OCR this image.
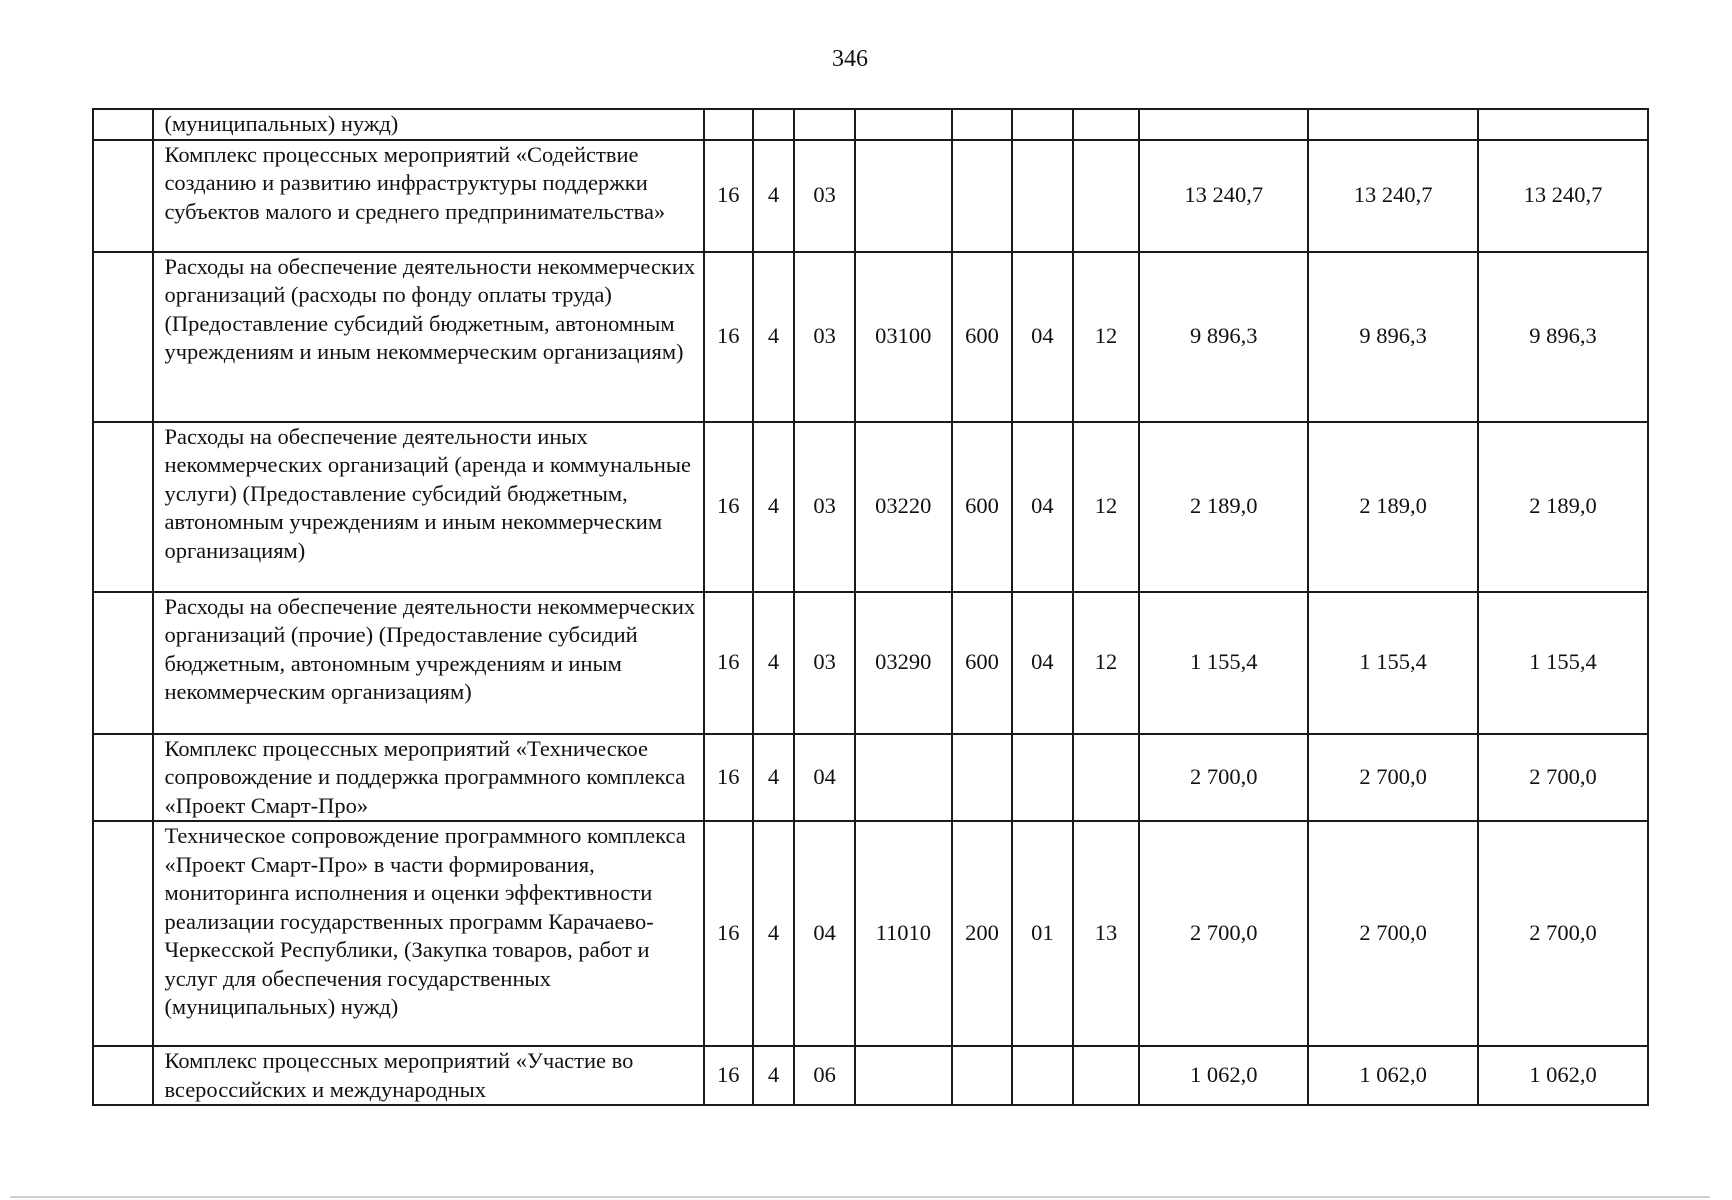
346
	(муниципальных) нужд)										
	Комплекс процессных мероприятий «Содействие созданию и развитию инфраструктуры поддержки субъектов малого и среднего предпринимательства»	16	4	03					13 240,7	13 240,7	13 240,7
	Расходы на обеспечение деятельности некоммерческих организаций (расходы по фонду оплаты труда) (Предоставление субсидий бюджетным, автономным учреждениям и иным некоммерческим организациям)	16	4	03	03100	600	04	12	9 896,3	9 896,3	9 896,3
	Расходы на обеспечение деятельности иных некоммерческих организаций (аренда и коммунальные услуги) (Предоставление субсидий бюджетным, автономным учреждениям и иным некоммерческим организациям)	16	4	03	03220	600	04	12	2 189,0	2 189,0	2 189,0
	Расходы на обеспечение деятельности некоммерческих организаций (прочие) (Предоставление субсидий бюджетным, автономным учреждениям и иным некоммерческим организациям)	16	4	03	03290	600	04	12	1 155,4	1 155,4	1 155,4
	Комплекс процессных мероприятий «Техническое сопровождение и поддержка программного комплекса «Проект Смарт-Про»	16	4	04					2 700,0	2 700,0	2 700,0
	Техническое сопровождение программного комплекса «Проект Смарт-Про» в части формирования, мониторинга исполнения и оценки эффективности реализации государственных программ Карачаево-Черкесской Республики, (Закупка товаров, работ и услуг для обеспечения государственных (муниципальных) нужд)	16	4	04	11010	200	01	13	2 700,0	2 700,0	2 700,0
	Комплекс процессных мероприятий «Участие во всероссийских и международных	16	4	06					1 062,0	1 062,0	1 062,0
